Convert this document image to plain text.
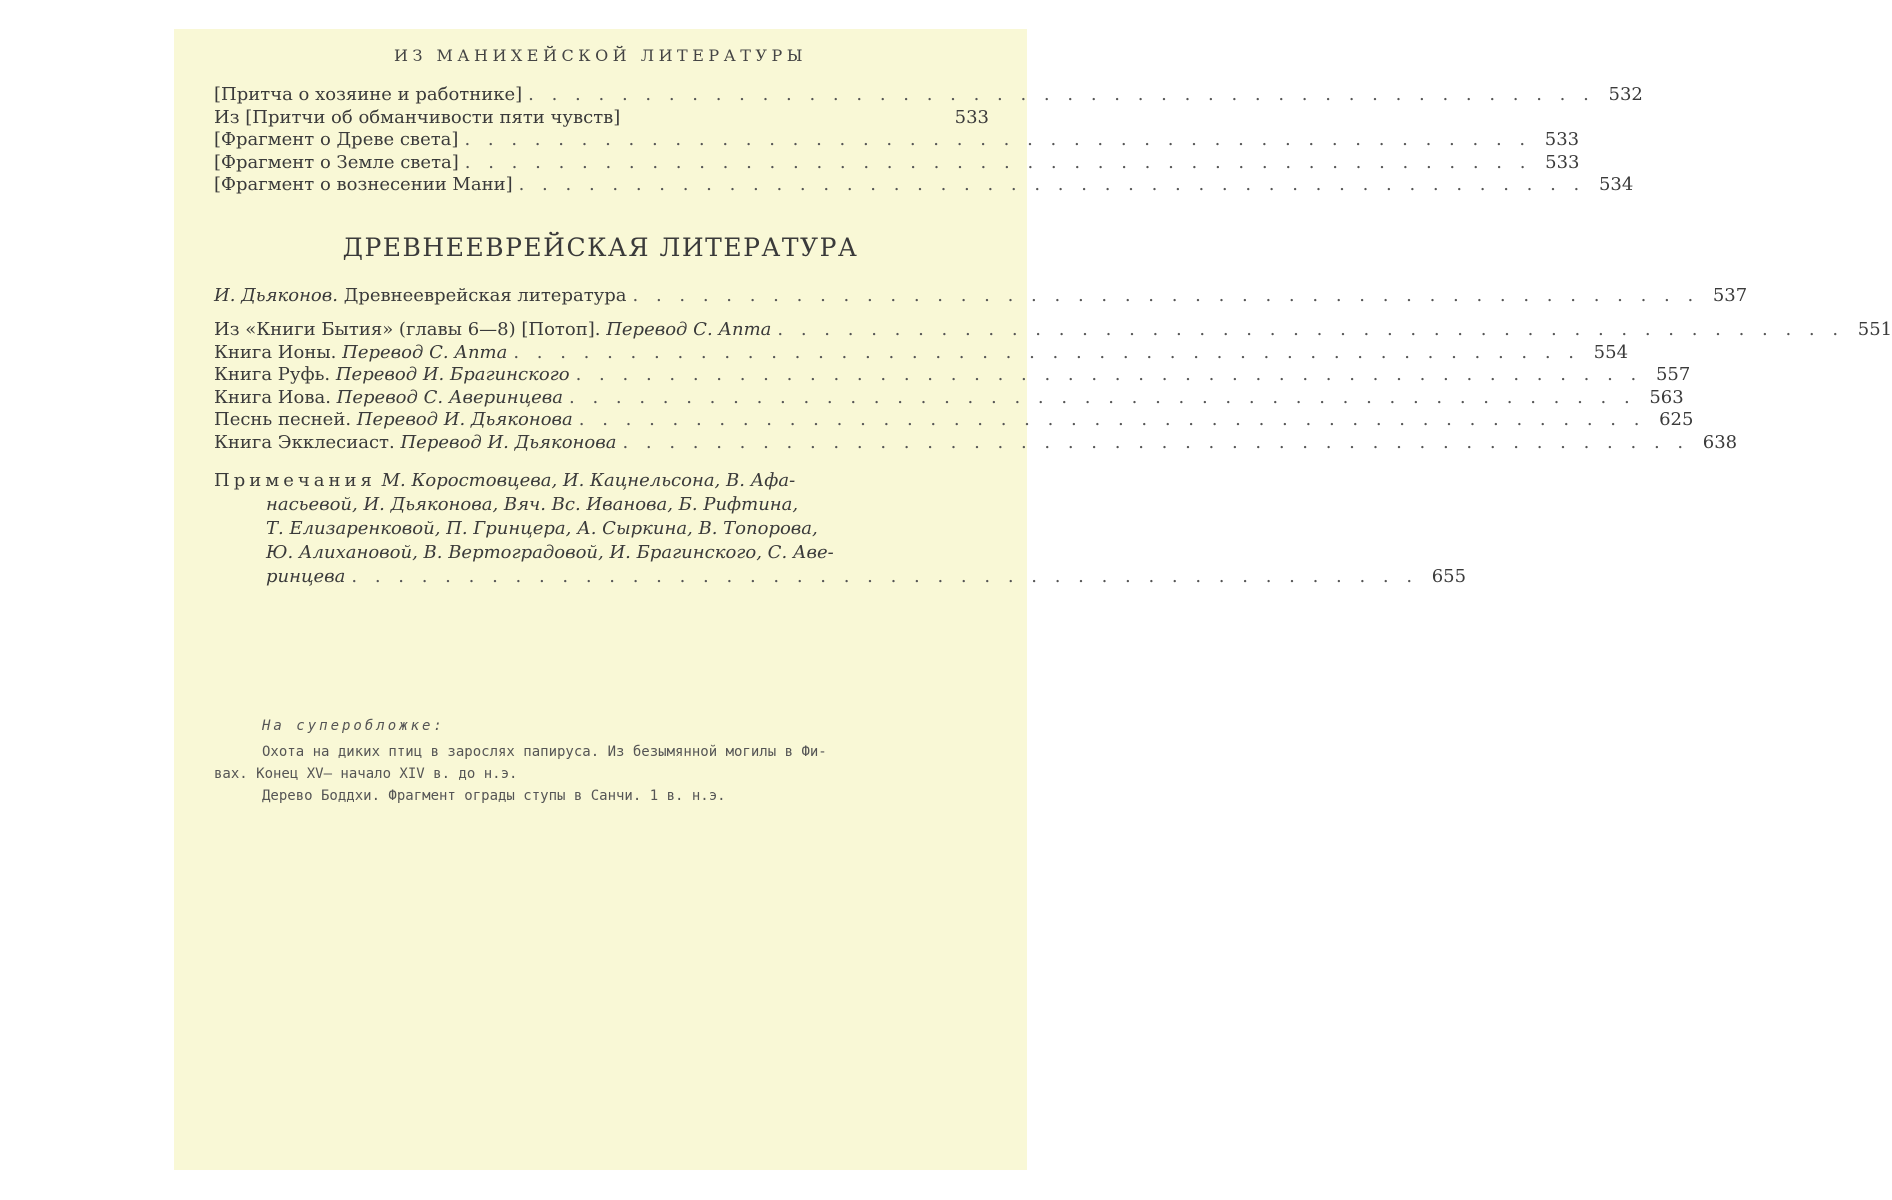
ИЗ МАНИХЕЙСКОЙ ЛИТЕРАТУРЫ
[Притча о хозяине и работнике] . . . . . . . . . . . . . . . . . . . . . . . . . . . . . . . . . . . . . . . . . . . . . . 532
Из [Притчи об обманчивости пяти чувств]	533
[Фрагмент о Древе света] . . . . . . . . . . . . . . . . . . . . . . . . . . . . . . . . . . . . . . . . . . . . . . 533
[Фрагмент о Земле света] . . . . . . . . . . . . . . . . . . . . . . . . . . . . . . . . . . . . . . . . . . . . . . 533
[Фрагмент о вознесении Мани] . . . . . . . . . . . . . . . . . . . . . . . . . . . . . . . . . . . . . . . . . . . . . . 534
ДРЕВНЕЕВРЕЙСКАЯ ЛИТЕРАТУРА
И. Дьяконов. Древнееврейская литература . . . . . . . . . . . . . . . . . . . . . . . . . . . . . . . . . . . . . . . . . . . . . . 537
Из «Книги Бытия» (главы 6—8) [Потоп]. Перевод С. Апта . . . . . . . . . . . . . . . . . . . . . . . . . . . . . . . . . . . . . . . . . . . . . . 551
Книга Ионы. Перевод С. Апта . . . . . . . . . . . . . . . . . . . . . . . . . . . . . . . . . . . . . . . . . . . . . . 554
Книга Руфь. Перевод И. Брагинского . . . . . . . . . . . . . . . . . . . . . . . . . . . . . . . . . . . . . . . . . . . . . . 557
Книга Иова. Перевод С. Аверинцева . . . . . . . . . . . . . . . . . . . . . . . . . . . . . . . . . . . . . . . . . . . . . . 563
Песнь песней. Перевод И. Дьяконова . . . . . . . . . . . . . . . . . . . . . . . . . . . . . . . . . . . . . . . . . . . . . . 625
Книга Экклесиаст. Перевод И. Дьяконова . . . . . . . . . . . . . . . . . . . . . . . . . . . . . . . . . . . . . . . . . . . . . . 638
Примечания М. Коростовцева, И. Кацнельсона, В. Афа-
насьевой, И. Дьяконова, Вяч. Вс. Иванова, Б. Рифтина,
Т. Елизаренковой, П. Гринцера, А. Сыркина, В. Топорова,
Ю. Алихановой, В. Вертоградовой, И. Брагинского, С. Аве-
ринцева . . . . . . . . . . . . . . . . . . . . . . . . . . . . . . . . . . . . . . . . . . . . . . 655
На суперобложке:
Охота на диких птиц в зарослях папируса. Из безымянной могилы в Фи-
вах. Конец XV— начало XIV в. до н.э.
Дерево Боддхи. Фрагмент ограды ступы в Санчи. 1 в. н.э.
